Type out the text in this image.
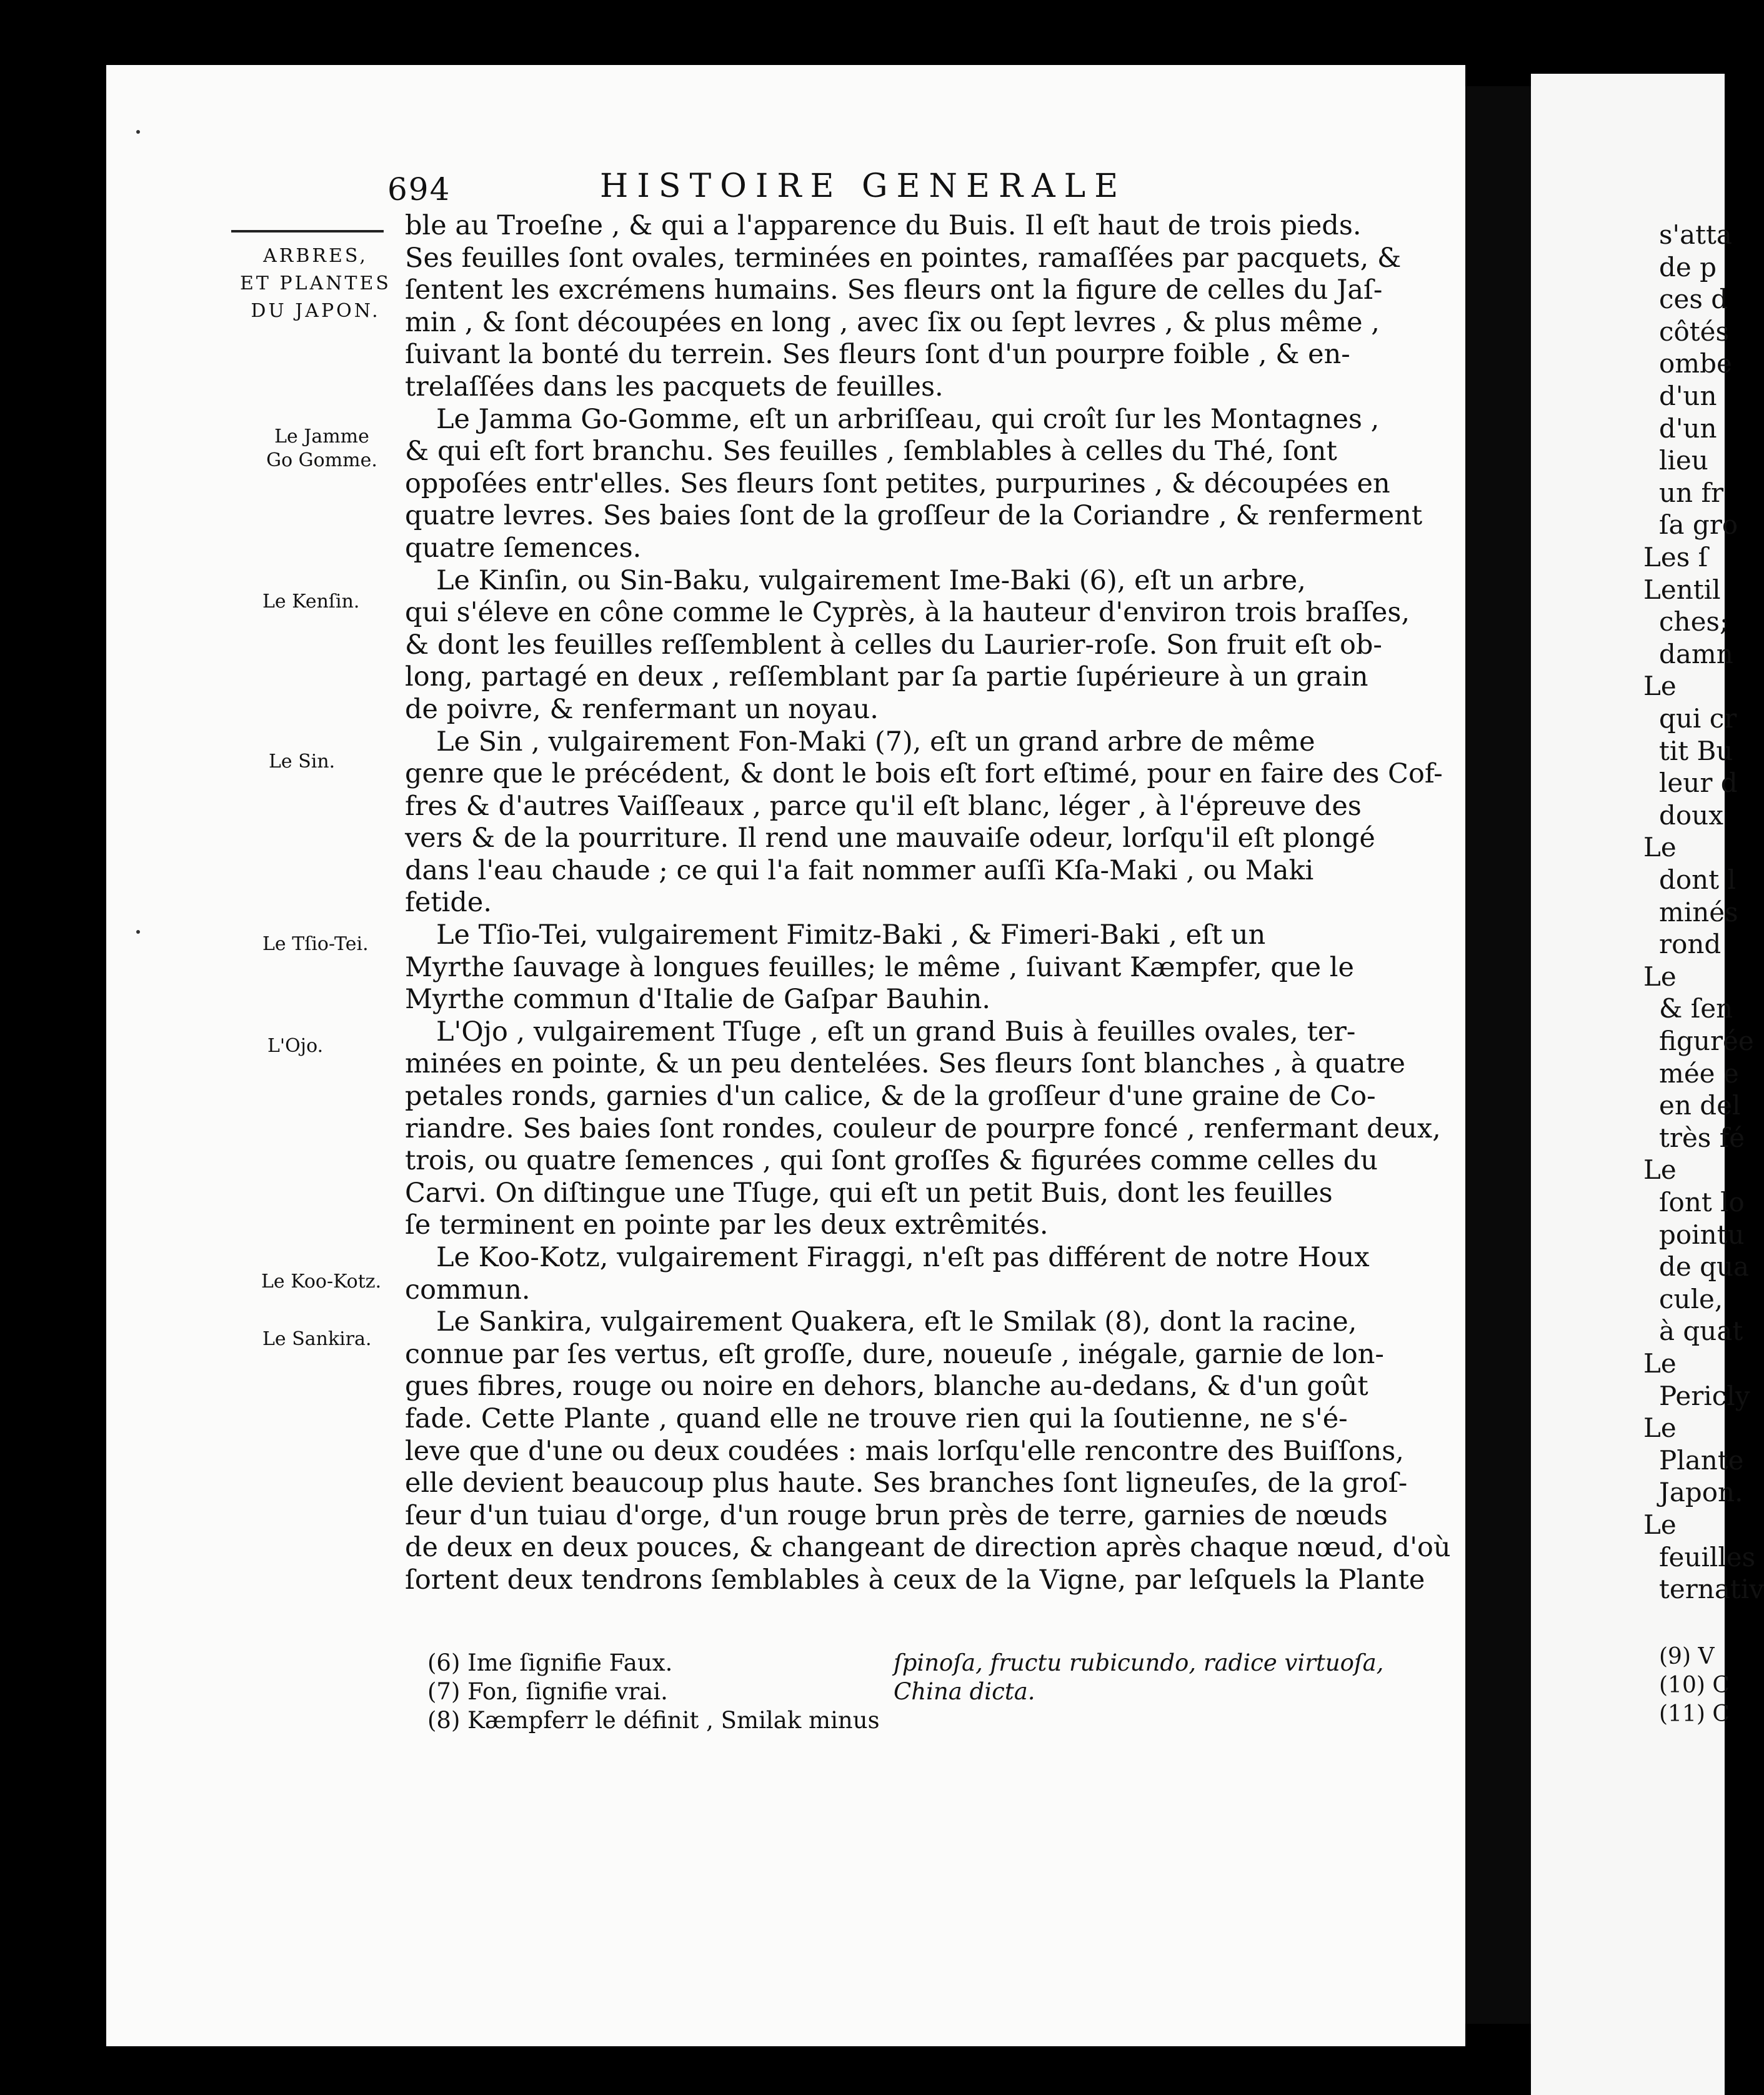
694	HISTOIRE GENERALE
ARBRES,
ET PLANTES
DU JAPON.
Le Jamme
Go Gomme.
Le Kenſin.
Le Sin.
Le Tſio-Tei.
L'Ojo.
Le Koo-Kotz.
Le Sankira.
ble au Troeſne , & qui a l'apparence du Buis. Il eſt haut de trois pieds.
Ses feuilles ſont ovales, terminées en pointes, ramaſſées par pacquets, &
ſentent les excrémens humains. Ses fleurs ont la figure de celles du Jaſ-
min , & ſont découpées en long , avec ſix ou ſept levres , & plus même ,
ſuivant la bonté du terrein. Ses fleurs ſont d'un pourpre foible , & en-
trelaſſées dans les pacquets de feuilles.
Le Jamma Go-Gomme, eſt un arbriſſeau, qui croît ſur les Montagnes ,
& qui eſt fort branchu. Ses feuilles , ſemblables à celles du Thé, ſont
oppoſées entr'elles. Ses fleurs ſont petites, purpurines , & découpées en
quatre levres. Ses baies ſont de la groſſeur de la Coriandre , & renferment
quatre ſemences.
Le Kinſin, ou Sin-Baku, vulgairement Ime-Baki (6), eſt un arbre,
qui s'éleve en cône comme le Cyprès, à la hauteur d'environ trois braſſes,
& dont les feuilles reſſemblent à celles du Laurier-roſe. Son fruit eſt ob-
long, partagé en deux , reſſemblant par ſa partie ſupérieure à un grain
de poivre, & renfermant un noyau.
Le Sin , vulgairement Fon-Maki (7), eſt un grand arbre de même
genre que le précédent, & dont le bois eſt fort eſtimé, pour en faire des Cof-
fres & d'autres Vaiſſeaux , parce qu'il eſt blanc, léger , à l'épreuve des
vers & de la pourriture. Il rend une mauvaiſe odeur, lorſqu'il eſt plongé
dans l'eau chaude ; ce qui l'a fait nommer auſſi Kſa-Maki , ou Maki
fetide.
Le Tſio-Tei, vulgairement Fimitz-Baki , & Fimeri-Baki , eſt un
Myrthe ſauvage à longues feuilles; le même , ſuivant Kæmpfer, que le
Myrthe commun d'Italie de Gaſpar Bauhin.
L'Ojo , vulgairement Tſuge , eſt un grand Buis à feuilles ovales, ter-
minées en pointe, & un peu dentelées. Ses fleurs ſont blanches , à quatre
petales ronds, garnies d'un calice, & de la groſſeur d'une graine de Co-
riandre. Ses baies ſont rondes, couleur de pourpre foncé , renfermant deux,
trois, ou quatre ſemences , qui ſont groſſes & figurées comme celles du
Carvi. On diſtingue une Tſuge, qui eſt un petit Buis, dont les feuilles
ſe terminent en pointe par les deux extrêmités.
Le Koo-Kotz, vulgairement Firaggi, n'eſt pas différent de notre Houx
commun.
Le Sankira, vulgairement Quakera, eſt le Smilak (8), dont la racine,
connue par ſes vertus, eſt groſſe, dure, noueuſe , inégale, garnie de lon-
gues fibres, rouge ou noire en dehors, blanche au-dedans, & d'un goût
fade. Cette Plante , quand elle ne trouve rien qui la ſoutienne, ne s'é-
leve que d'une ou deux coudées : mais lorſqu'elle rencontre des Buiſſons,
elle devient beaucoup plus haute. Ses branches ſont ligneuſes, de la groſ-
ſeur d'un tuiau d'orge, d'un rouge brun près de terre, garnies de nœuds
de deux en deux pouces, & changeant de direction après chaque nœud, d'où
ſortent deux tendrons ſemblables à ceux de la Vigne, par leſquels la Plante
(6) Ime ſignifie Faux.
(7) Fon, ſignifie vrai.
(8) Kæmpferr le définit , Smilak minus
ſpinoſa, fructu rubicundo, radice virtuoſa,
China dicta.
s'atta
de p
ces d
côtés
ombe
d'un
d'un
lieu
un fr
ſa gro
Les ſ
Lentil
ches;
damn
Le
qui cr
tit Bu
leur d
doux
Le
dont l
minés
rond
Le
& ſen
figurée
mée e
en del
très fé
Le
ſont lo
pointu
de qua
cule,
à quat
Le
Pericly
Le
Plante
Japon.
Le
feuilles
ternativ
(9) V
(10) C
(11) C
